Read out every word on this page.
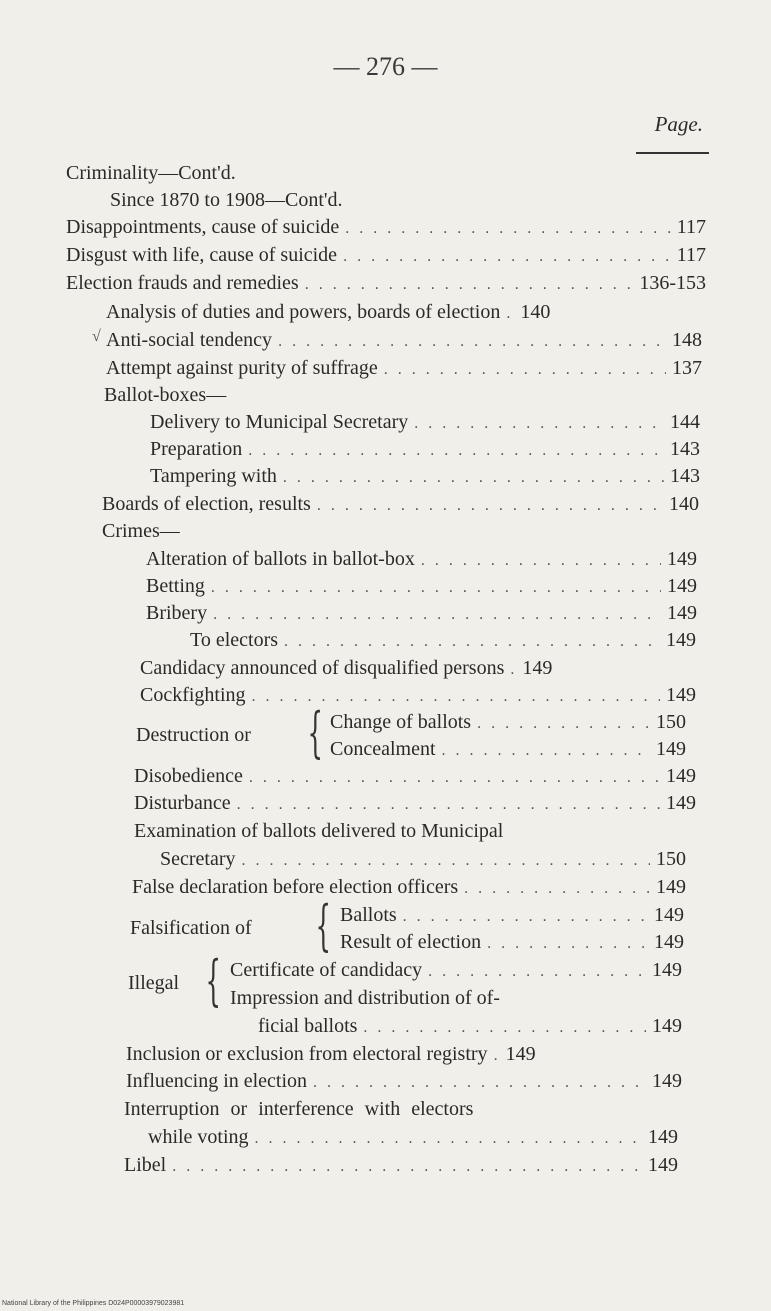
— 276 —
Page.
Criminality—Cont'd.
Since 1870 to 1908—Cont'd.
Disappointments, cause of suicide . . .	117
Disgust with life, cause of suicide . . .	117
Election frauds and remedies . . .	136-153
Analysis of duties and powers, boards of election . . . 140
√ Anti-social tendency . . .	148
Attempt against purity of suffrage . . .	137
Ballot-boxes—
Delivery to Municipal Secretary . . .	144
Preparation . . .	143
Tampering with . . .	143
Boards of election, results . . .	140
Crimes—
Alteration of ballots in ballot-box . . .	149
Betting . . .	149
Bribery . . .	149
To electors . . .	149
Candidacy announced of disqualified persons . . . 149
Cockfighting . . .	149
Destruction or { Change of ballots . . .	150
Concealment . . .	149
Disobedience . . .	149
Disturbance . . .	149
Examination of ballots delivered to Municipal
Secretary . . .	150
False declaration before election officers . . .	149
Falsification of { Ballots . . .	149
Result of election . . .	149
Illegal { Certificate of candidacy . . .	149
Impression and distribution of of-
ficial ballots . . .	149
Inclusion or exclusion from electoral registry . . . 149
Influencing in election . . .	149
Interruption or interference with electors
while voting . . .	149
Libel . . .	149
National Library of the Philippines D024P00003979023981
